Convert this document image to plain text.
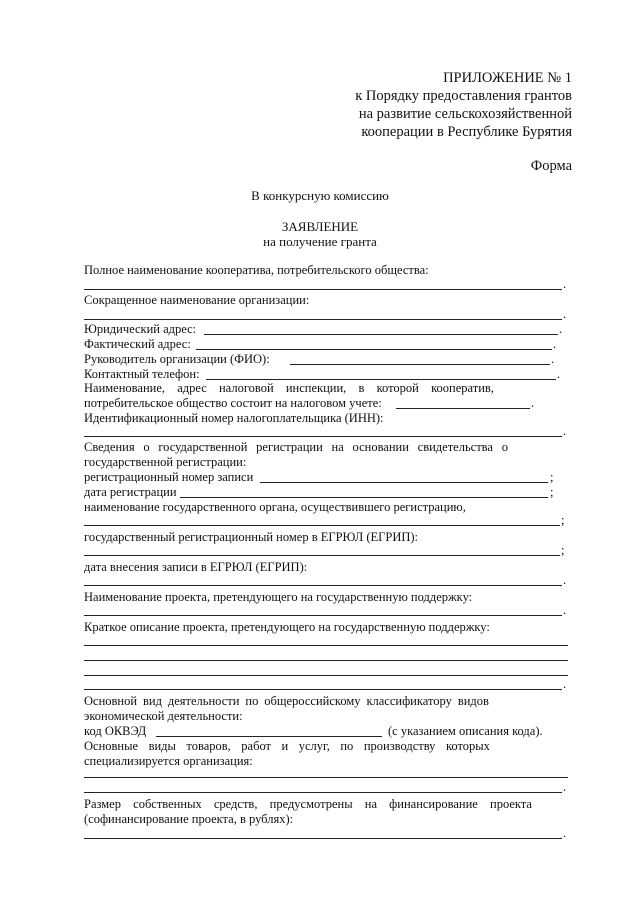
ПРИЛОЖЕНИЕ № 1
к Порядку предоставления грантов
на развитие сельскохозяйственной
кооперации в Республике Бурятия
Форма
В конкурсную комиссию
ЗАЯВЛЕНИЕ
на получение гранта
Полное наименование кооператива, потребительского общества:
.
Сокращенное наименование организации:
.
Юридический адрес:	.
Фактический адрес:	.
Руководитель организации (ФИО):	.
Контактный телефон:	.
Наименование, адрес налоговой инспекции, в которой кооператив,
потребительское общество состоит на налоговом учете:	.
Идентификационный номер налогоплательщика (ИНН):
.
Сведения о государственной регистрации на основании свидетельства о
государственной регистрации:
регистрационный номер записи	;
дата регистрации	;
наименование государственного органа, осуществившего регистрацию,
;
государственный регистрационный номер в ЕГРЮЛ (ЕГРИП):
;
дата внесения записи в ЕГРЮЛ (ЕГРИП):
.
Наименование проекта, претендующего на государственную поддержку:
.
Краткое описание проекта, претендующего на государственную поддержку:
.
Основной вид деятельности по общероссийскому классификатору видов
экономической деятельности:
код ОКВЭД	(с указанием описания кода).
Основные виды товаров, работ и услуг, по производству которых
специализируется организация:
.
Размер собственных средств, предусмотрены на финансирование проекта
(софинансирование проекта, в рублях):
.
